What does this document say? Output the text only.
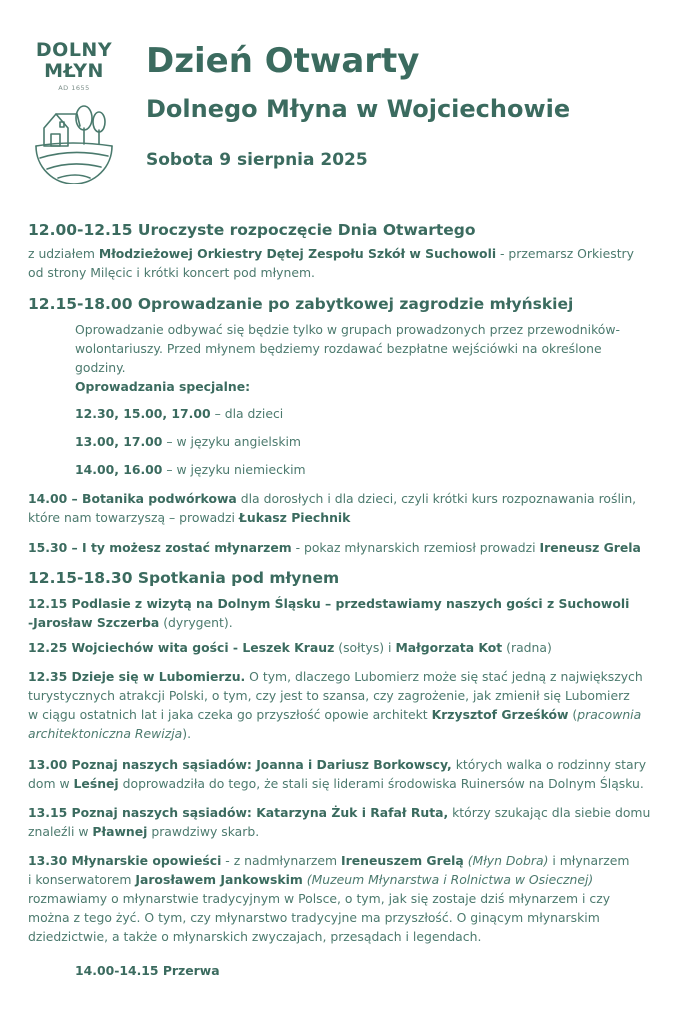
DOLNY
MŁYN
AD 1655
Dzień Otwarty
Dolnego Młyna w Wojciechowie
Sobota 9 sierpnia 2025
12.00-12.15 Uroczyste rozpoczęcie Dnia Otwartego
z udziałem Młodzieżowej Orkiestry Dętej Zespołu Szkół w Suchowoli - przemarsz Orkiestry
od strony Milęcic i krótki koncert pod młynem.
12.15-18.00 Oprowadzanie po zabytkowej zagrodzie młyńskiej
Oprowadzanie odbywać się będzie tylko w grupach prowadzonych przez przewodników-
wolontariuszy. Przed młynem będziemy rozdawać bezpłatne wejściówki na określone
godziny.
Oprowadzania specjalne:
12.30, 15.00, 17.00 – dla dzieci
13.00, 17.00 – w języku angielskim
14.00, 16.00 – w języku niemieckim
14.00 – Botanika podwórkowa dla dorosłych i dla dzieci, czyli krótki kurs rozpoznawania roślin,
które nam towarzyszą – prowadzi Łukasz Piechnik
15.30 – I ty możesz zostać młynarzem - pokaz młynarskich rzemiosł prowadzi Ireneusz Grela
12.15-18.30 Spotkania pod młynem
12.15 Podlasie z wizytą na Dolnym Śląsku – przedstawiamy naszych gości z Suchowoli
-Jarosław Szczerba (dyrygent).
12.25 Wojciechów wita gości - Leszek Krauz (sołtys) i Małgorzata Kot (radna)
12.35 Dzieje się w Lubomierzu. O tym, dlaczego Lubomierz może się stać jedną z największych
turystycznych atrakcji Polski, o tym, czy jest to szansa, czy zagrożenie, jak zmienił się Lubomierz
w ciągu ostatnich lat i jaka czeka go przyszłość opowie architekt Krzysztof Grześków (pracownia
architektoniczna Rewizja).
13.00 Poznaj naszych sąsiadów: Joanna i Dariusz Borkowscy, których walka o rodzinny stary
dom w Leśnej doprowadziła do tego, że stali się liderami środowiska Ruinersów na Dolnym Śląsku.
13.15 Poznaj naszych sąsiadów: Katarzyna Żuk i Rafał Ruta, którzy szukając dla siebie domu
znaleźli w Pławnej prawdziwy skarb.
13.30 Młynarskie opowieści - z nadmłynarzem Ireneuszem Grelą (Młyn Dobra) i młynarzem
i konserwatorem Jarosławem Jankowskim (Muzeum Młynarstwa i Rolnictwa w Osiecznej)
rozmawiamy o młynarstwie tradycyjnym w Polsce, o tym, jak się zostaje dziś młynarzem i czy
można z tego żyć. O tym, czy młynarstwo tradycyjne ma przyszłość. O ginącym młynarskim
dziedzictwie, a także o młynarskich zwyczajach, przesądach i legendach.
14.00-14.15 Przerwa
